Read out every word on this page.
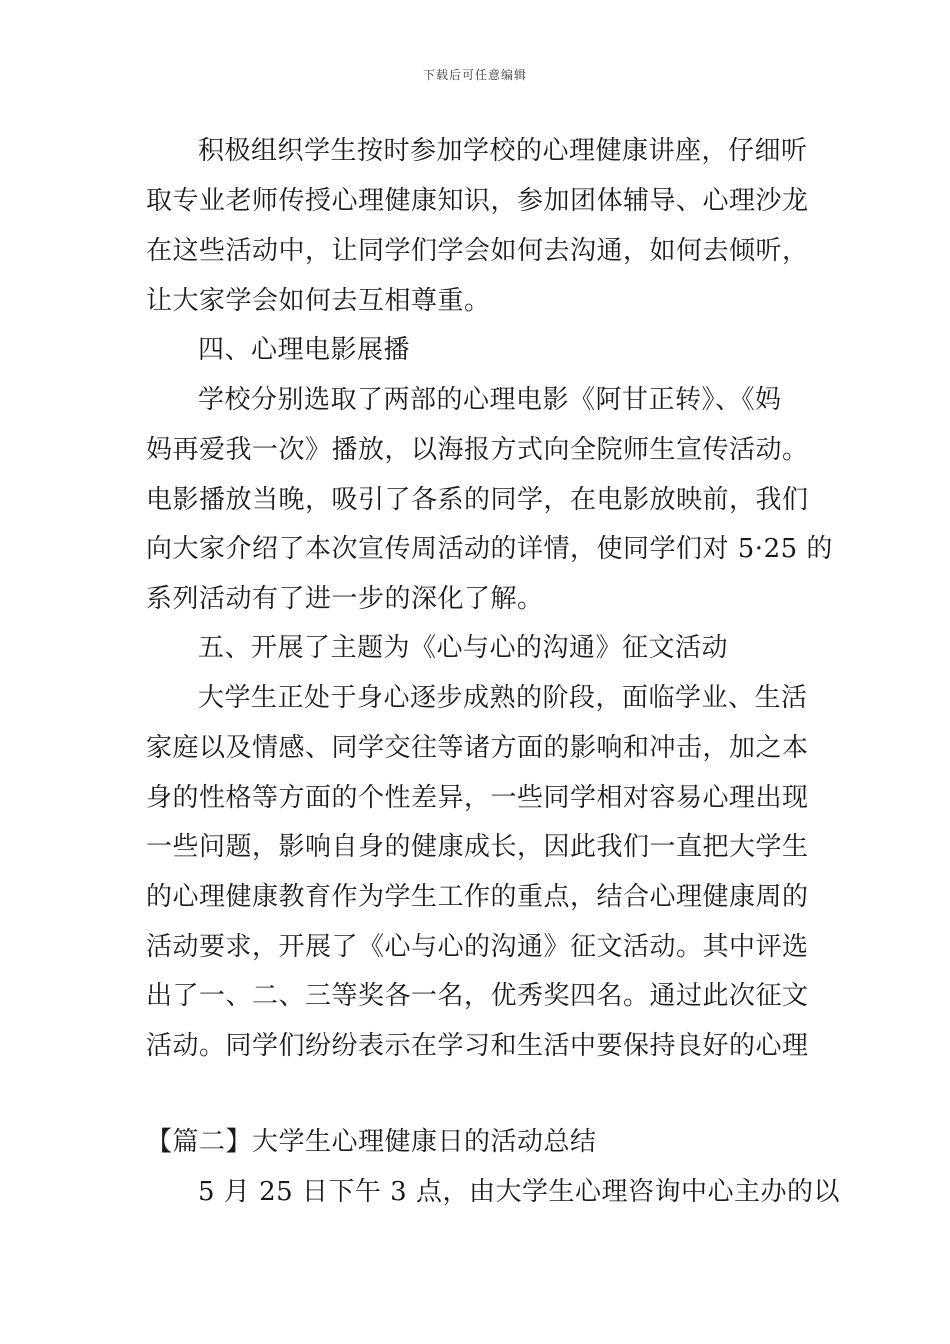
下载后可任意编辑
积极组织学生按时参加学校的心理健康讲座，仔细听
取专业老师传授心理健康知识，参加团体辅导、心理沙龙
在这些活动中，让同学们学会如何去沟通，如何去倾听，
让大家学会如何去互相尊重。
四、心理电影展播
学校分别选取了两部的心理电影《阿甘正转》、《妈
妈再爱我一次》播放，以海报方式向全院师生宣传活动。
电影播放当晚，吸引了各系的同学，在电影放映前，我们
向大家介绍了本次宣传周活动的详情，使同学们对 5·25 的
系列活动有了进一步的深化了解。
五、开展了主题为《心与心的沟通》征文活动
大学生正处于身心逐步成熟的阶段，面临学业、生活
家庭以及情感、同学交往等诸方面的影响和冲击，加之本
身的性格等方面的个性差异，一些同学相对容易心理出现
一些问题，影响自身的健康成长，因此我们一直把大学生
的心理健康教育作为学生工作的重点，结合心理健康周的
活动要求，开展了《心与心的沟通》征文活动。其中评选
出了一、二、三等奖各一名，优秀奖四名。通过此次征文
活动。同学们纷纷表示在学习和生活中要保持良好的心理
【篇二】大学生心理健康日的活动总结
5 月 25 日下午 3 点，由大学生心理咨询中心主办的以
